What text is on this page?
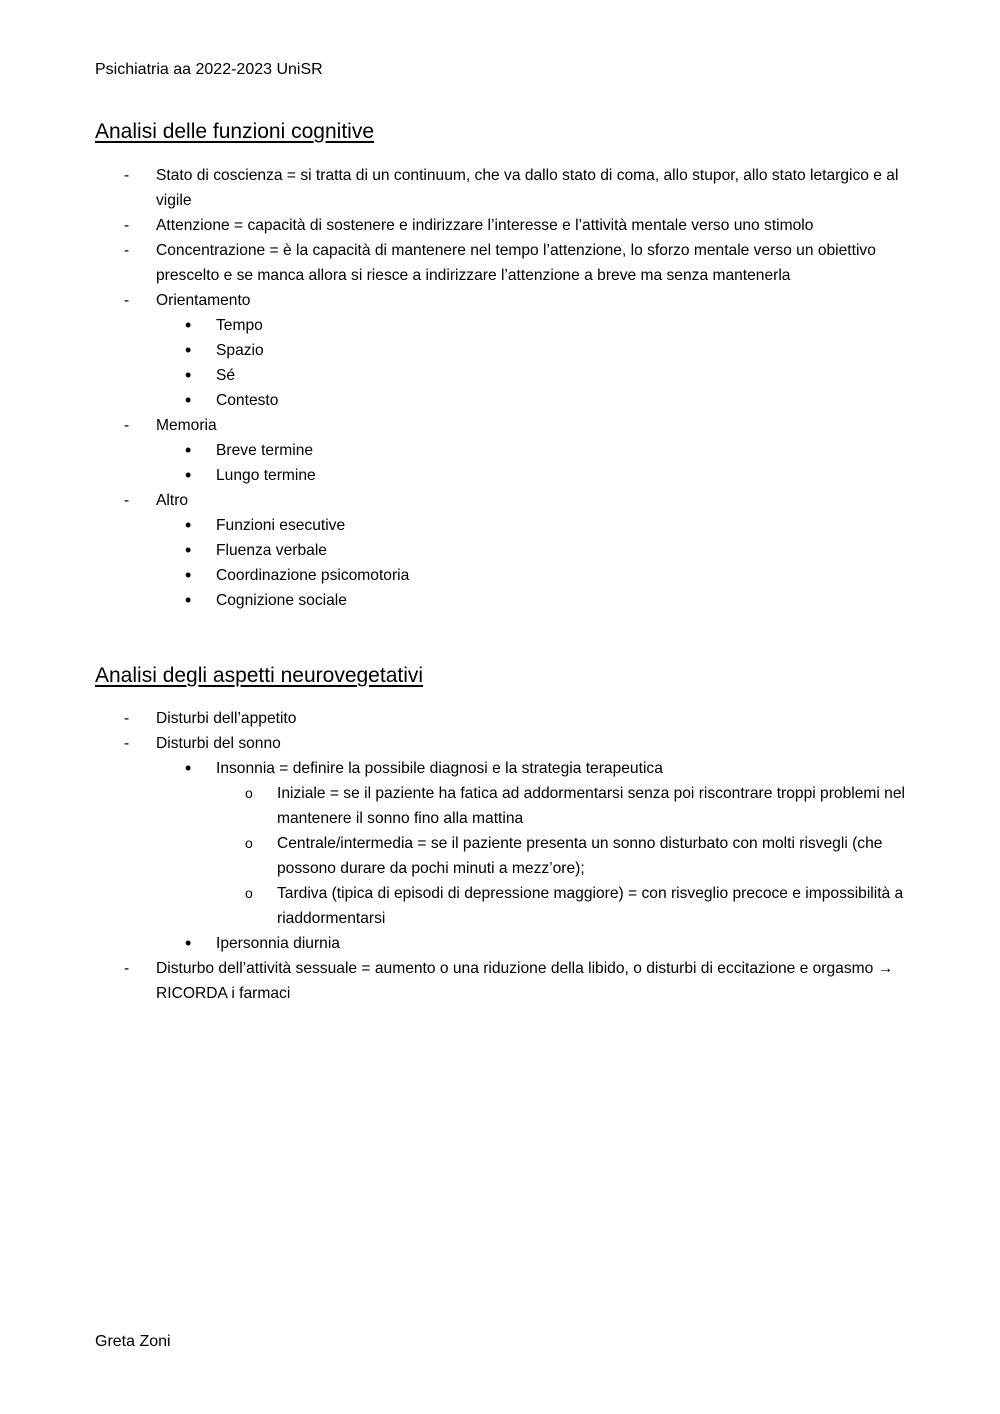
Psichiatria aa 2022-2023 UniSR
Analisi delle funzioni cognitive
- Stato di coscienza = si tratta di un continuum, che va dallo stato di coma, allo stupor, allo stato letargico e al vigile
- Attenzione = capacità di sostenere e indirizzare l’interesse e l’attività mentale verso uno stimolo
- Concentrazione = è la capacità di mantenere nel tempo l’attenzione, lo sforzo mentale verso un obiettivo prescelto e se manca allora si riesce a indirizzare l’attenzione a breve ma senza mantenerla
- Orientamento
• Tempo
• Spazio
• Sé
• Contesto
- Memoria
• Breve termine
• Lungo termine
- Altro
• Funzioni esecutive
• Fluenza verbale
• Coordinazione psicomotoria
• Cognizione sociale
Analisi degli aspetti neurovegetativi
- Disturbi dell’appetito
- Disturbi del sonno
• Insonnia = definire la possibile diagnosi e la strategia terapeutica
o Iniziale = se il paziente ha fatica ad addormentarsi senza poi riscontrare troppi problemi nel mantenere il sonno fino alla mattina
o Centrale/intermedia = se il paziente presenta un sonno disturbato con molti risvegli (che possono durare da pochi minuti a mezz’ore);
o Tardiva (tipica di episodi di depressione maggiore) = con risveglio precoce e impossibilità a riaddormentarsi
• Ipersonnia diurnia
- Disturbo dell’attività sessuale = aumento o una riduzione della libido, o disturbi di eccitazione e orgasmo → RICORDA i farmaci
Greta Zoni
